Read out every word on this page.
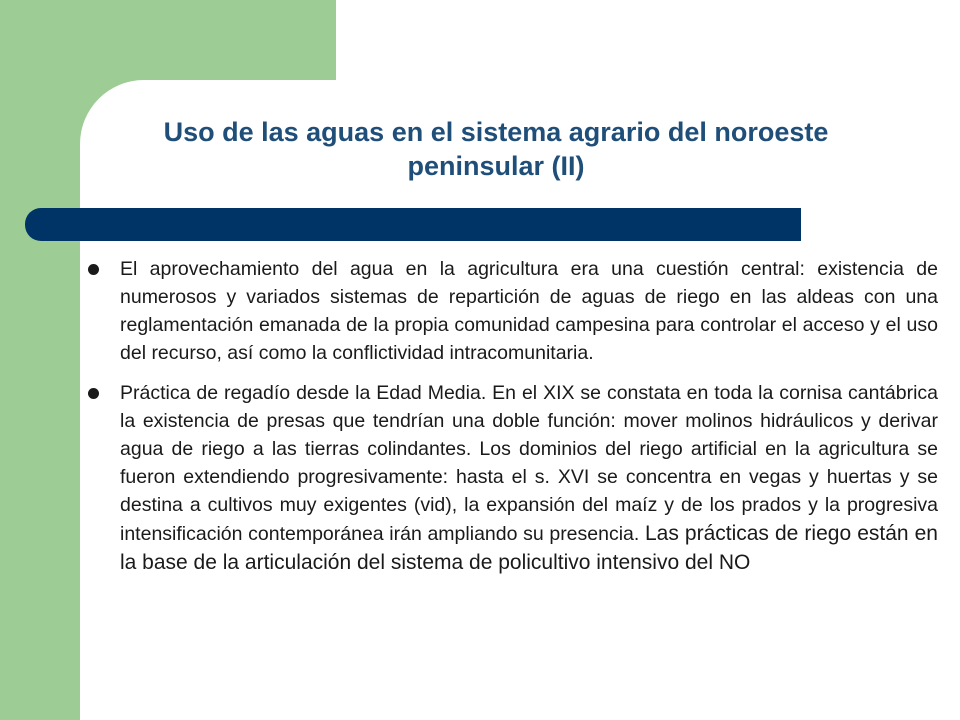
Uso de las aguas en el sistema agrario del noroeste
peninsular (II)
El aprovechamiento del agua en la agricultura era una cuestión central: existencia de numerosos y variados sistemas de repartición de aguas de riego en las aldeas con una reglamentación emanada de la propia comunidad campesina para controlar el acceso y el uso del recurso, así como la conflictividad intracomunitaria.
Práctica de regadío desde la Edad Media. En el XIX se constata en toda la cornisa cantábrica la existencia de presas que tendrían una doble función: mover molinos hidráulicos y derivar agua de riego a las tierras colindantes. Los dominios del riego artificial en la agricultura se fueron extendiendo progresivamente: hasta el s. XVI se concentra en vegas y huertas y se destina a cultivos muy exigentes (vid), la expansión del maíz y de los prados y la progresiva intensificación contemporánea irán ampliando su presencia. Las prácticas de riego están en la base de la articulación del sistema de policultivo intensivo del NO
